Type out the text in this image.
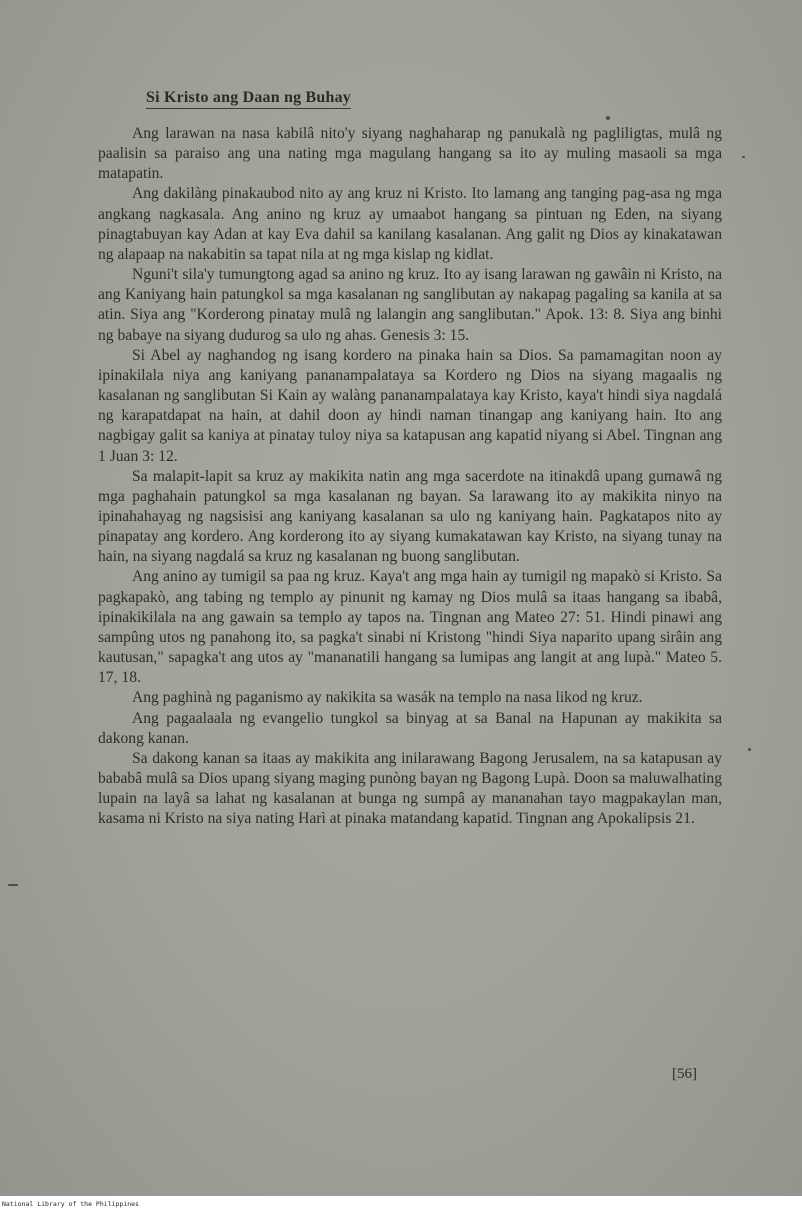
Si Kristo ang Daan ng Buhay

Ang larawan na nasa kabilâ nito'y siyang naghaharap ng panukalà ng pagliligtas, mulâ ng paalisin sa paraiso ang una nating mga magulang hangang sa ito ay muling masaoli sa mga matapatin.

Ang dakilàng pinakaubod nito ay ang kruz ni Kristo. Ito lamang ang tanging pag-asa ng mga angkang nagkasala. Ang anino ng kruz ay umaabot hangang sa pintuan ng Eden, na siyang pinagtabuyan kay Adan at kay Eva dahil sa kanilang kasalanan. Ang galit ng Dios ay kinakatawan ng alapaap na nakabitin sa tapat nila at ng mga kislap ng kidlat.

Nguni't sila'y tumungtong agad sa anino ng kruz. Ito ay isang larawan ng gawâin ni Kristo, na ang Kaniyang hain patungkol sa mga kasalanan ng sanglibutan ay nakapag pagaling sa kanila at sa atin. Siya ang "Korderong pinatay mulâ ng lalangin ang sanglibutan." Apok. 13: 8. Siya ang binhi ng babaye na siyang dudurog sa ulo ng ahas. Genesis 3: 15.

Si Abel ay naghandog ng isang kordero na pinaka hain sa Dios. Sa pamamagitan noon ay ipinakilala niya ang kaniyang pananampalataya sa Kordero ng Dios na siyang magaalis ng kasalanan ng sanglibutan Si Kain ay walàng pananampalataya kay Kristo, kaya't hindi siya nagdalá ng karapatdapat na hain, at dahil doon ay hindi naman tinangap ang kaniyang hain. Ito ang nagbigay galit sa kaniya at pinatay tuloy niya sa katapusan ang kapatid niyang si Abel. Tingnan ang 1 Juan 3: 12.

Sa malapit-lapit sa kruz ay makikita natin ang mga sacerdote na itinakdâ upang gumawâ ng mga paghahain patungkol sa mga kasalanan ng bayan. Sa larawang ito ay makikita ninyo na ipinahahayag ng nagsisisi ang kaniyang kasalanan sa ulo ng kaniyang hain. Pagkatapos nito ay pinapatay ang kordero. Ang korderong ito ay siyang kumakatawan kay Kristo, na siyang tunay na hain, na siyang nagdalá sa kruz ng kasalanan ng buong sanglibutan.

Ang anino ay tumigil sa paa ng kruz. Kaya't ang mga hain ay tumigil ng mapakò si Kristo. Sa pagkapakò, ang tabing ng templo ay pinunit ng kamay ng Dios mulâ sa itaas hangang sa ibabâ, ipinakikilala na ang gawain sa templo ay tapos na. Tingnan ang Mateo 27: 51. Hindi pinawi ang sampûng utos ng panahong ito, sa pagka't sinabi ni Kristong "hindi Siya naparito upang sirâin ang kautusan," sapagka't ang utos ay "mananatili hangang sa lumipas ang langit at ang lupà." Mateo 5. 17, 18.

Ang paghinà ng paganismo ay nakikita sa wasák na templo na nasa likod ng kruz.

Ang pagaalaala ng evangelio tungkol sa binyag at sa Banal na Hapunan ay makikita sa dakong kanan.

Sa dakong kanan sa itaas ay makikita ang inilarawang Bagong Jerusalem, na sa katapusan ay bababâ mulâ sa Dios upang siyang maging punòng bayan ng Bagong Lupà. Doon sa maluwalhating lupain na layâ sa lahat ng kasalanan at bunga ng sumpâ ay mananahan tayo magpakaylan man, kasama ni Kristo na siya nating Harì at pinaka matandang kapatid. Tingnan ang Apokalipsis 21.

[56]
National Library of the Philippines
